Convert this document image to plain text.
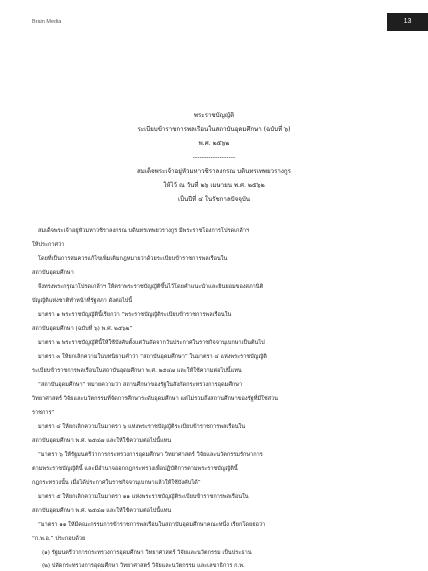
Brain Media	13
พระราชบัญญัติ
ระเบียบข้าราชการพลเรือนในสถาบันอุดมศึกษา (ฉบับที่ ๖)
พ.ศ. ๒๕๖๒
-------------------
สมเด็จพระเจ้าอยู่หัวมหาวชิราลงกรณ บดินทรเทพยวรางกูร
ให้ไว้ ณ วันที่ ๒๖ เมษายน พ.ศ. ๒๕๖๒
เป็นปีที่ ๔ ในรัชกาลปัจจุบัน
สมเด็จพระเจ้าอยู่หัวมหาวชิราลงกรณ บดินทรเทพยวรางกูร มีพระราชโองการโปรดเกล้าฯ
ให้ประกาศว่า
โดยที่เป็นการสมควรแก้ไขเพิ่มเติมกฎหมายว่าด้วยระเบียบข้าราชการพลเรือนใน
สถาบันอุดมศึกษา
จึงทรงพระกรุณาโปรดเกล้าฯ ให้ตราพระราชบัญญัติขึ้นไว้โดยคำแนะนำและยินยอมของสภานิติ
บัญญัติแห่งชาติทำหน้าที่รัฐสภา ดังต่อไปนี้
มาตรา ๑ พระราชบัญญัตินี้เรียกว่า “พระราชบัญญัติระเบียบข้าราชการพลเรือนใน
สถาบันอุดมศึกษา (ฉบับที่ ๖) พ.ศ. ๒๕๖๒”
มาตรา ๒ พระราชบัญญัตินี้ให้ใช้บังคับตั้งแต่วันถัดจากวันประกาศในราชกิจจานุเบกษาเป็นต้นไป
มาตรา ๓ ให้ยกเลิกความในบทนิยามคำว่า “สถาบันอุดมศึกษา” ในมาตรา ๔ แห่งพระราชบัญญัติ
ระเบียบข้าราชการพลเรือนในสถาบันอุดมศึกษา พ.ศ. ๒๕๔๗ และให้ใช้ความต่อไปนี้แทน
“สถาบันอุดมศึกษา” หมายความว่า สถานศึกษาของรัฐในสังกัดกระทรวงการอุดมศึกษา
วิทยาศาสตร์ วิจัยและนวัตกรรมที่จัดการศึกษาระดับอุดมศึกษา แต่ไม่รวมถึงสถานศึกษาของรัฐที่มีใช่ส่วน
ราชการ”
มาตรา ๔ ให้ยกเลิกความในมาตรา ๖ แห่งพระราชบัญญัติระเบียบข้าราชการพลเรือนใน
สถาบันอุดมศึกษา พ.ศ. ๒๕๔๗ และให้ใช้ความต่อไปนี้แทน
“มาตรา ๖ ให้รัฐมนตรีว่าการกระทรวงการอุดมศึกษา วิทยาศาสตร์ วิจัยและนวัตกรรมรักษาการ
ตามพระราชบัญญัตินี้ และมีอำนาจออกกฎกระทรวงเพื่อปฏิบัติการตามพระราชบัญญัตินี้
กฎกระทรวงนั้น เมื่อได้ประกาศในราชกิจจานุเบกษาแล้วให้ใช้บังคับได้”
มาตรา ๕ ให้ยกเลิกความในมาตรา ๑๑ แห่งพระราชบัญญัติระเบียบข้าราชการพลเรือนใน
สถาบันอุดมศึกษา พ.ศ. ๒๕๔๗ และให้ใช้ความต่อไปนี้แทน
“มาตรา ๑๑ ให้มีคณะกรรมการข้าราชการพลเรือนในสถาบันอุดมศึกษาคณะหนึ่ง เรียกโดยย่อว่า
“ก.พ.อ.” ประกอบด้วย
(๑) รัฐมนตรีว่าการกระทรวงการอุดมศึกษา วิทยาศาสตร์ วิจัยและนวัตกรรม เป็นประธาน
(๒) ปลัดกระทรวงการอุดมศึกษา วิทยาศาสตร์ วิจัยและนวัตกรรม และเลขาธิการ ก.พ.
